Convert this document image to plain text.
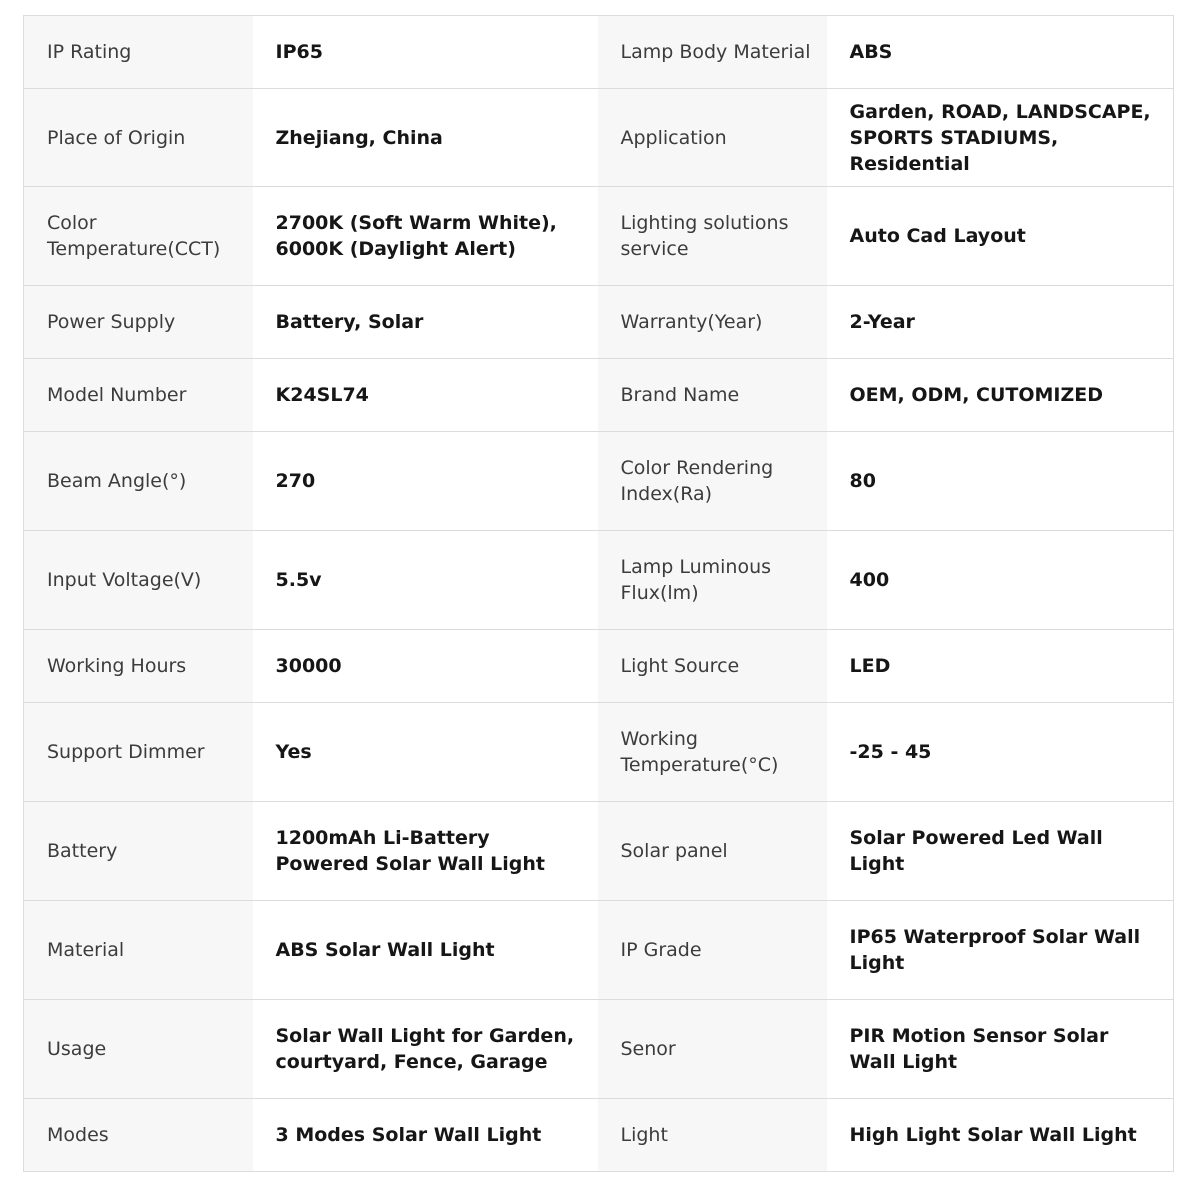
IP Rating	IP65	Lamp Body Material	ABS
Place of Origin	Zhejiang, China	Application	Garden, ROAD, LANDSCAPE, SPORTS STADIUMS, Residential
Color Temperature(CCT)	2700K (Soft Warm White), 6000K (Daylight Alert)	Lighting solutions service	Auto Cad Layout
Power Supply	Battery, Solar	Warranty(Year)	2-Year
Model Number	K24SL74	Brand Name	OEM, ODM, CUTOMIZED
Beam Angle(°)	270	Color Rendering Index(Ra)	80
Input Voltage(V)	5.5v	Lamp Luminous Flux(lm)	400
Working Hours	30000	Light Source	LED
Support Dimmer	Yes	Working Temperature(°C)	-25 - 45
Battery	1200mAh Li-Battery Powered Solar Wall Light	Solar panel	Solar Powered Led Wall Light
Material	ABS Solar Wall Light	IP Grade	IP65 Waterproof Solar Wall Light
Usage	Solar Wall Light for Garden, courtyard, Fence, Garage	Senor	PIR Motion Sensor Solar Wall Light
Modes	3 Modes Solar Wall Light	Light	High Light Solar Wall Light
